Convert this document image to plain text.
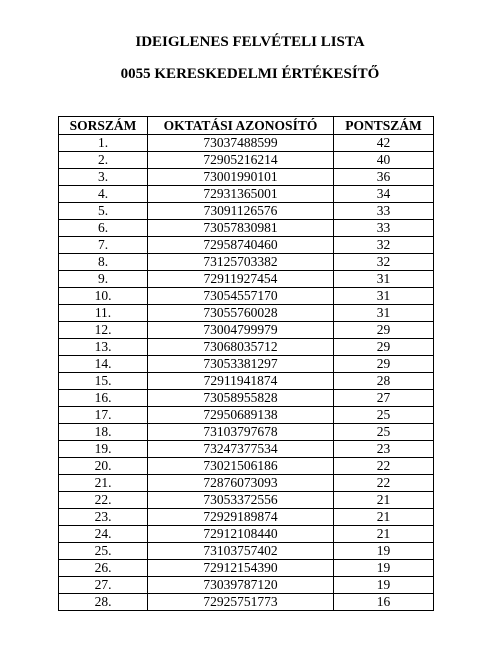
IDEIGLENES FELVÉTELI LISTA
0055 KERESKEDELMI ÉRTÉKESÍTŐ
SORSZÁM	OKTATÁSI AZONOSÍTÓ	PONTSZÁM
1.	73037488599	42
2.	72905216214	40
3.	73001990101	36
4.	72931365001	34
5.	73091126576	33
6.	73057830981	33
7.	72958740460	32
8.	73125703382	32
9.	72911927454	31
10.	73054557170	31
11.	73055760028	31
12.	73004799979	29
13.	73068035712	29
14.	73053381297	29
15.	72911941874	28
16.	73058955828	27
17.	72950689138	25
18.	73103797678	25
19.	73247377534	23
20.	73021506186	22
21.	72876073093	22
22.	73053372556	21
23.	72929189874	21
24.	72912108440	21
25.	73103757402	19
26.	72912154390	19
27.	73039787120	19
28.	72925751773	16
